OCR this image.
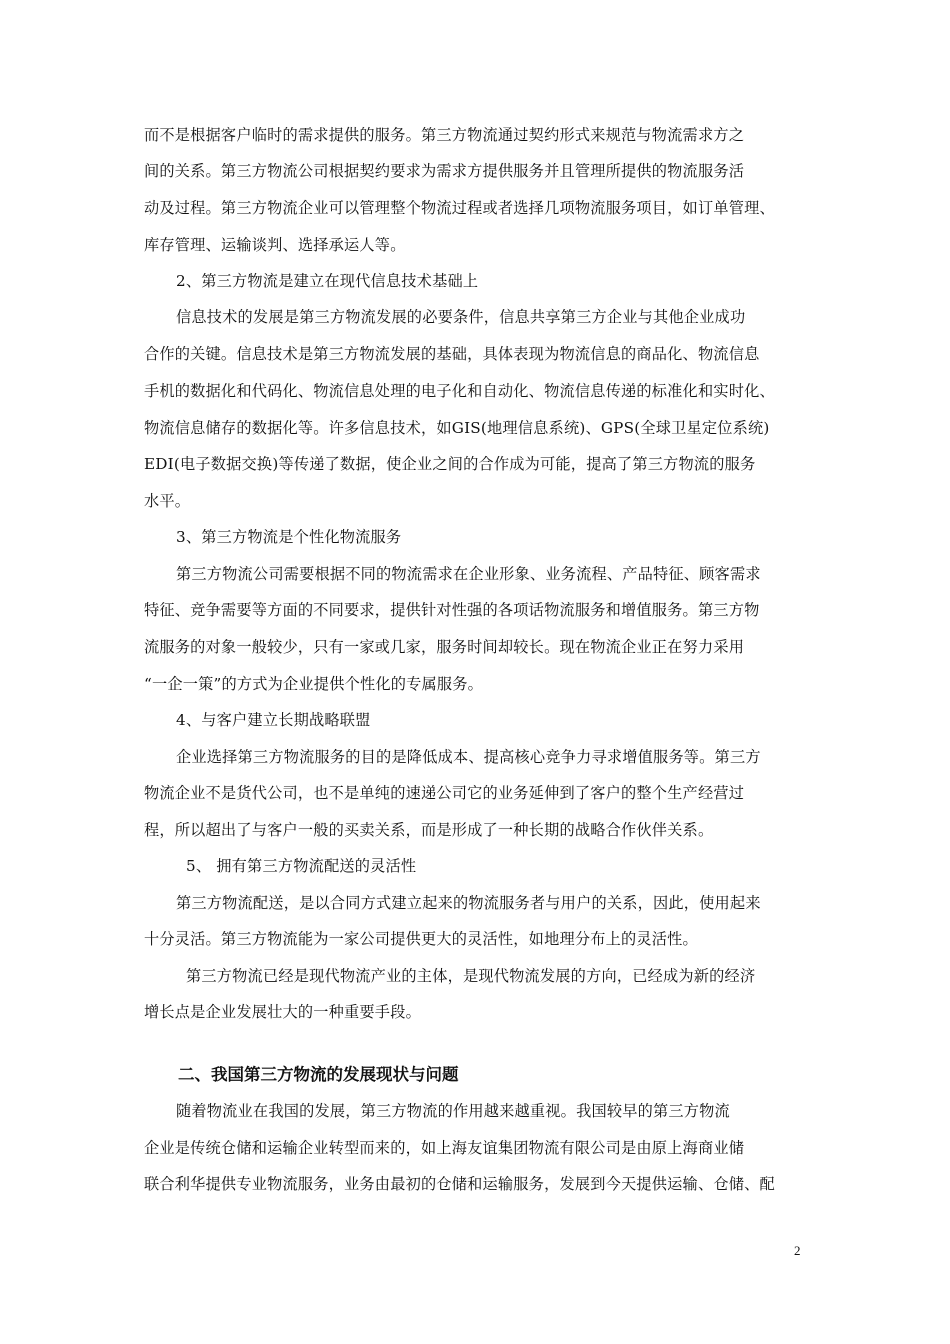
而不是根据客户临时的需求提供的服务。第三方物流通过契约形式来规范与物流需求方之
间的关系。第三方物流公司根据契约要求为需求方提供服务并且管理所提供的物流服务活
动及过程。第三方物流企业可以管理整个物流过程或者选择几项物流服务项目，如订单管理、
库存管理、运输谈判、选择承运人等。
2、第三方物流是建立在现代信息技术基础上
信息技术的发展是第三方物流发展的必要条件，信息共享第三方企业与其他企业成功
合作的关键。信息技术是第三方物流发展的基础，具体表现为物流信息的商品化、物流信息
手机的数据化和代码化、物流信息处理的电子化和自动化、物流信息传递的标准化和实时化、
物流信息储存的数据化等。许多信息技术，如GIS(地理信息系统)、GPS(全球卫星定位系统)
EDI(电子数据交换)等传递了数据，使企业之间的合作成为可能，提高了第三方物流的服务
水平。
3、第三方物流是个性化物流服务
第三方物流公司需要根据不同的物流需求在企业形象、业务流程、产品特征、顾客需求
特征、竞争需要等方面的不同要求，提供针对性强的各项话物流服务和增值服务。第三方物
流服务的对象一般较少，只有一家或几家，服务时间却较长。现在物流企业正在努力采用
“一企一策”的方式为企业提供个性化的专属服务。
4、与客户建立长期战略联盟
企业选择第三方物流服务的目的是降低成本、提高核心竞争力寻求增值服务等。第三方
物流企业不是货代公司，也不是单纯的速递公司它的业务延伸到了客户的整个生产经营过
程，所以超出了与客户一般的买卖关系，而是形成了一种长期的战略合作伙伴关系。
5、 拥有第三方物流配送的灵活性
第三方物流配送，是以合同方式建立起来的物流服务者与用户的关系，因此，使用起来
十分灵活。第三方物流能为一家公司提供更大的灵活性，如地理分布上的灵活性。
第三方物流已经是现代物流产业的主体，是现代物流发展的方向，已经成为新的经济
增长点是企业发展壮大的一种重要手段。
二、我国第三方物流的发展现状与问题
随着物流业在我国的发展，第三方物流的作用越来越重视。我国较早的第三方物流
企业是传统仓储和运输企业转型而来的，如上海友谊集团物流有限公司是由原上海商业储
联合利华提供专业物流服务，业务由最初的仓储和运输服务，发展到今天提供运输、仓储、配
2
